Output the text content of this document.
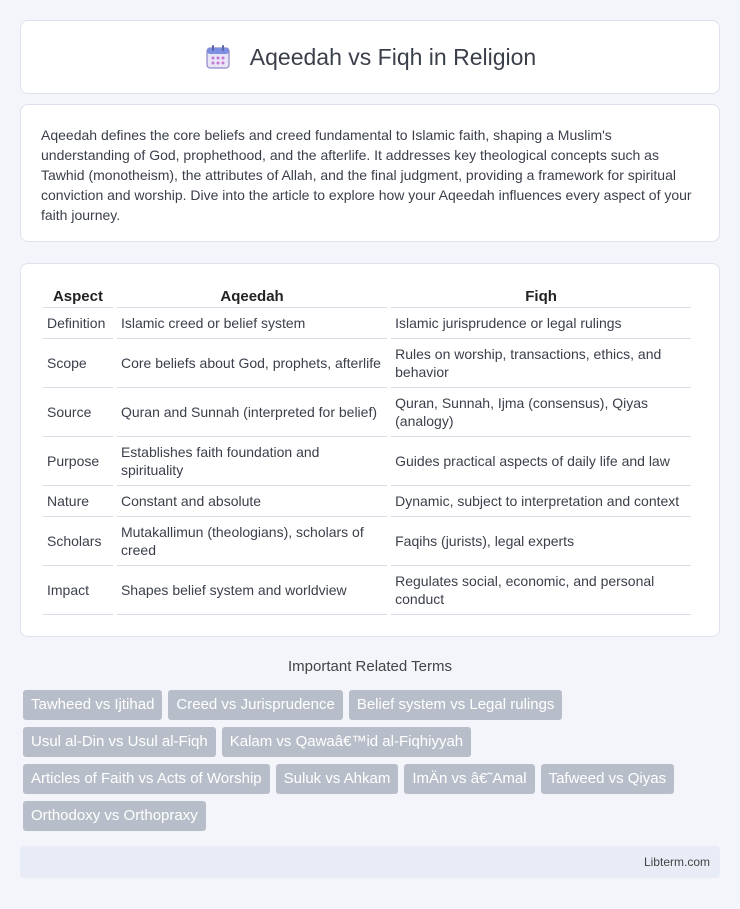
Aqeedah vs Fiqh in Religion

Aqeedah defines the core beliefs and creed fundamental to Islamic faith, shaping a Muslim's understanding of God, prophethood, and the afterlife. It addresses key theological concepts such as Tawhid (monotheism), the attributes of Allah, and the final judgment, providing a framework for spiritual conviction and worship. Dive into the article to explore how your Aqeedah influences every aspect of your faith journey.

Aspect	Aqeedah	Fiqh
Definition	Islamic creed or belief system	Islamic jurisprudence or legal rulings
Scope	Core beliefs about God, prophets, afterlife	Rules on worship, transactions, ethics, and behavior
Source	Quran and Sunnah (interpreted for belief)	Quran, Sunnah, Ijma (consensus), Qiyas (analogy)
Purpose	Establishes faith foundation and spirituality	Guides practical aspects of daily life and law
Nature	Constant and absolute	Dynamic, subject to interpretation and context
Scholars	Mutakallimun (theologians), scholars of creed	Faqihs (jurists), legal experts
Impact	Shapes belief system and worldview	Regulates social, economic, and personal conduct
Important Related Terms
Tawheed vs Ijtihad	Creed vs Jurisprudence	Belief system vs Legal rulings
Usul al-Din vs Usul al-Fiqh	Kalam vs Qawaâ€™id al-Fiqhiyyah
Articles of Faith vs Acts of Worship	Suluk vs Ahkam	ImÄn vs â€˜Amal	Tafweed vs Qiyas
Orthodoxy vs Orthopraxy
Libterm.com
